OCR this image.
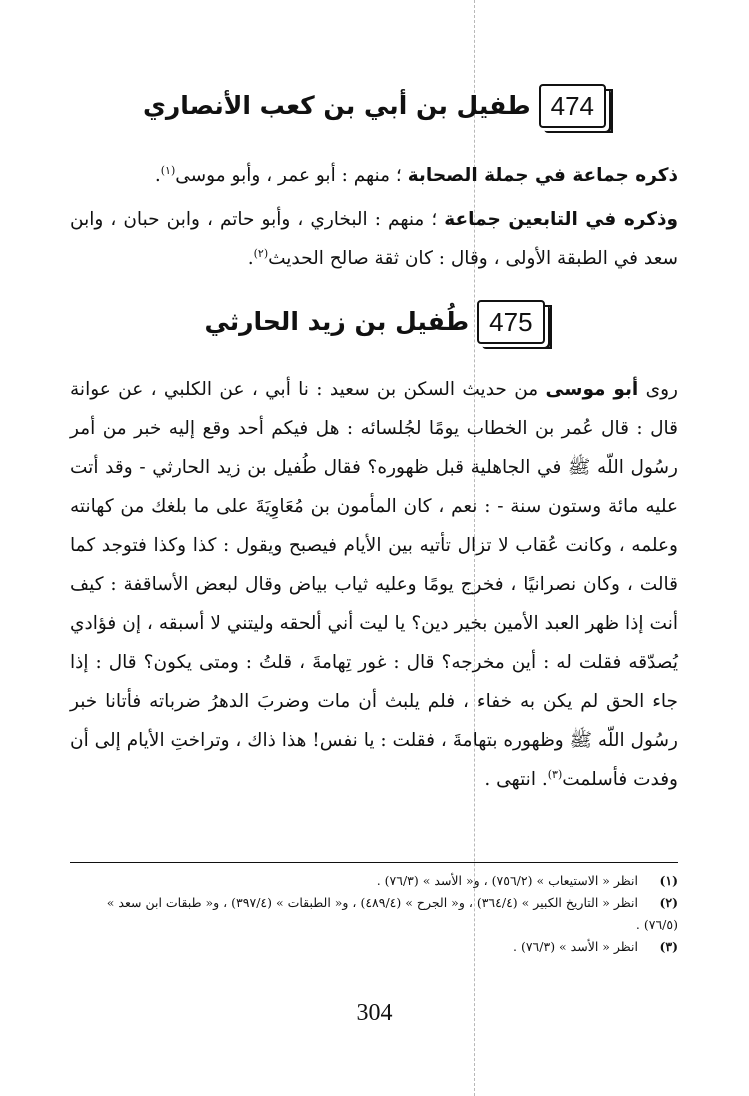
474
طفيل بن أبي بن كعب الأنصاري
ذكره جماعة في جملة الصحابة ؛ منهم : أبو عمر ، وأبو موسى$^{(١)}$.
وذكره في التابعين جماعة ؛ منهم : البخاري ، وأبو حاتم ، وابن حبان ، وابن سعد في الطبقة الأولى ، وقال : كان ثقة صالح الحديث$^{(٢)}$.
475
طُفيل بن زيد الحارثي
روى أبو موسى من حديث السكن بن سعيد : نا أبي ، عن الكلبي ، عن عوانة قال : قال عُمر بن الخطاب يومًا لجُلسائه : هل فيكم أحد وقع إليه خبر من أمر رسُول اللّه ﷺ في الجاهلية قبل ظهوره؟ فقال طُفيل بن زيد الحارثي - وقد أتت عليه مائة وستون سنة - : نعم ، كان المأمون بن مُعَاوِيَةَ على ما بلغك من كهانته وعلمه ، وكانت عُقاب لا تزال تأتيه بين الأيام فيصبح ويقول : كذا وكذا فتوجد كما قالت ، وكان نصرانيًا ، فخرج يومًا وعليه ثياب بياض وقال لبعض الأساقفة : كيف أنت إذا ظهر العبد الأمين بخير دين؟ يا ليت أني ألحقه وليتني لا أسبقه ، إن فؤادي يُصدّقه فقلت له : أين مخرجه؟ قال : غور تِهامةَ ، قلتُ : ومتى يكون؟ قال : إذا جاء الحق لم يكن به خفاء ، فلم يلبث أن مات وضربَ الدهرُ ضرباته فأتانا خبر رسُول اللّه ﷺ وظهوره بتهامةَ ، فقلت : يا نفس! هذا ذاك ، وتراختِ الأيام إلى أن وفدت فأسلمت$^{(٣)}$. انتهى .
(١) انظر « الاستيعاب » (٧٥٦/٢) ، و« الأسد » (٧٦/٣) .
(٢) انظر « التاريخ الكبير » (٣٦٤/٤) ، و« الجرح » (٤٨٩/٤) ، و« الطبقات » (٣٩٧/٤) ، و« طبقات ابن سعد » (٧٦/٥) .
(٣) انظر « الأسد » (٧٦/٣) .
304
